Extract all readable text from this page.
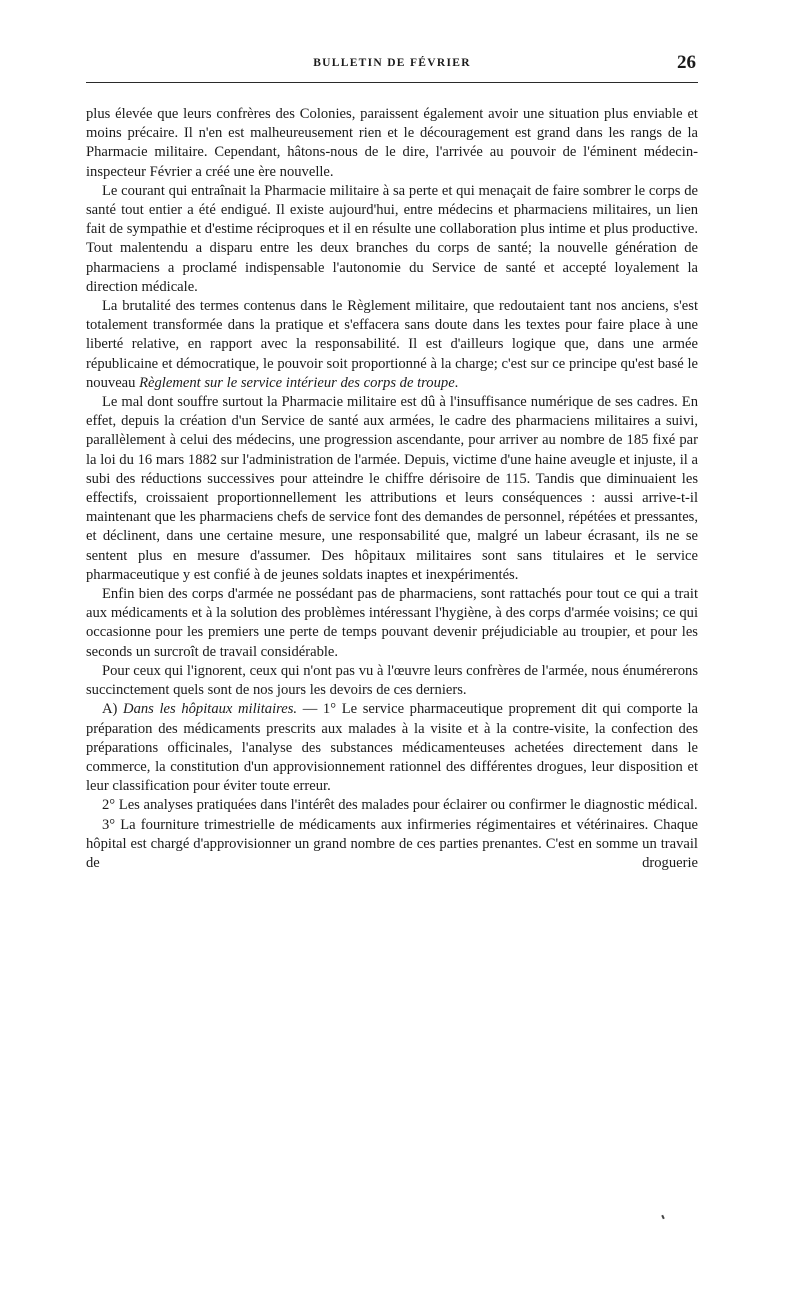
BULLETIN DE FÉVRIER	26

plus élevée que leurs confrères des Colonies, paraissent également avoir une situation plus enviable et moins précaire. Il n'en est malheureusement rien et le découragement est grand dans les rangs de la Pharmacie militaire. Cependant, hâtons-nous de le dire, l'arrivée au pouvoir de l'éminent médecin-inspecteur Février a créé une ère nouvelle.

Le courant qui entraînait la Pharmacie militaire à sa perte et qui menaçait de faire sombrer le corps de santé tout entier a été endigué. Il existe aujourd'hui, entre médecins et pharmaciens militaires, un lien fait de sympathie et d'estime réciproques et il en résulte une collaboration plus intime et plus productive. Tout malentendu a disparu entre les deux branches du corps de santé; la nouvelle génération de pharmaciens a proclamé indispensable l'autonomie du Service de santé et accepté loyalement la direction médicale.

La brutalité des termes contenus dans le Règlement militaire, que redoutaient tant nos anciens, s'est totalement transformée dans la pratique et s'effacera sans doute dans les textes pour faire place à une liberté relative, en rapport avec la responsabilité. Il est d'ailleurs logique que, dans une armée républicaine et démocratique, le pouvoir soit proportionné à la charge; c'est sur ce principe qu'est basé le nouveau Règlement sur le service intérieur des corps de troupe.

Le mal dont souffre surtout la Pharmacie militaire est dû à l'insuffisance numérique de ses cadres. En effet, depuis la création d'un Service de santé aux armées, le cadre des pharmaciens militaires a suivi, parallèlement à celui des médecins, une progression ascendante, pour arriver au nombre de 185 fixé par la loi du 16 mars 1882 sur l'administration de l'armée. Depuis, victime d'une haine aveugle et injuste, il a subi des réductions successives pour atteindre le chiffre dérisoire de 115. Tandis que diminuaient les effectifs, croissaient proportionnellement les attributions et leurs conséquences : aussi arrive-t-il maintenant que les pharmaciens chefs de service font des demandes de personnel, répétées et pressantes, et déclinent, dans une certaine mesure, une responsabilité que, malgré un labeur écrasant, ils ne se sentent plus en mesure d'assumer. Des hôpitaux militaires sont sans titulaires et le service pharmaceutique y est confié à de jeunes soldats inaptes et inexpérimentés.

Enfin bien des corps d'armée ne possédant pas de pharmaciens, sont rattachés pour tout ce qui a trait aux médicaments et à la solution des problèmes intéressant l'hygiène, à des corps d'armée voisins; ce qui occasionne pour les premiers une perte de temps pouvant devenir préjudiciable au troupier, et pour les seconds un surcroît de travail considérable.

Pour ceux qui l'ignorent, ceux qui n'ont pas vu à l'œuvre leurs confrères de l'armée, nous énumérerons succinctement quels sont de nos jours les devoirs de ces derniers.

A) Dans les hôpitaux militaires. — 1° Le service pharmaceutique proprement dit qui comporte la préparation des médicaments prescrits aux malades à la visite et à la contre-visite, la confection des préparations officinales, l'analyse des substances médicamenteuses achetées directement dans le commerce, la constitution d'un approvisionnement rationnel des différentes drogues, leur disposition et leur classification pour éviter toute erreur.

2° Les analyses pratiquées dans l'intérêt des malades pour éclairer ou confirmer le diagnostic médical.

3° La fourniture trimestrielle de médicaments aux infirmeries régimentaires et vétérinaires. Chaque hôpital est chargé d'approvisionner un grand nombre de ces parties prenantes. C'est en somme un travail de droguerie
